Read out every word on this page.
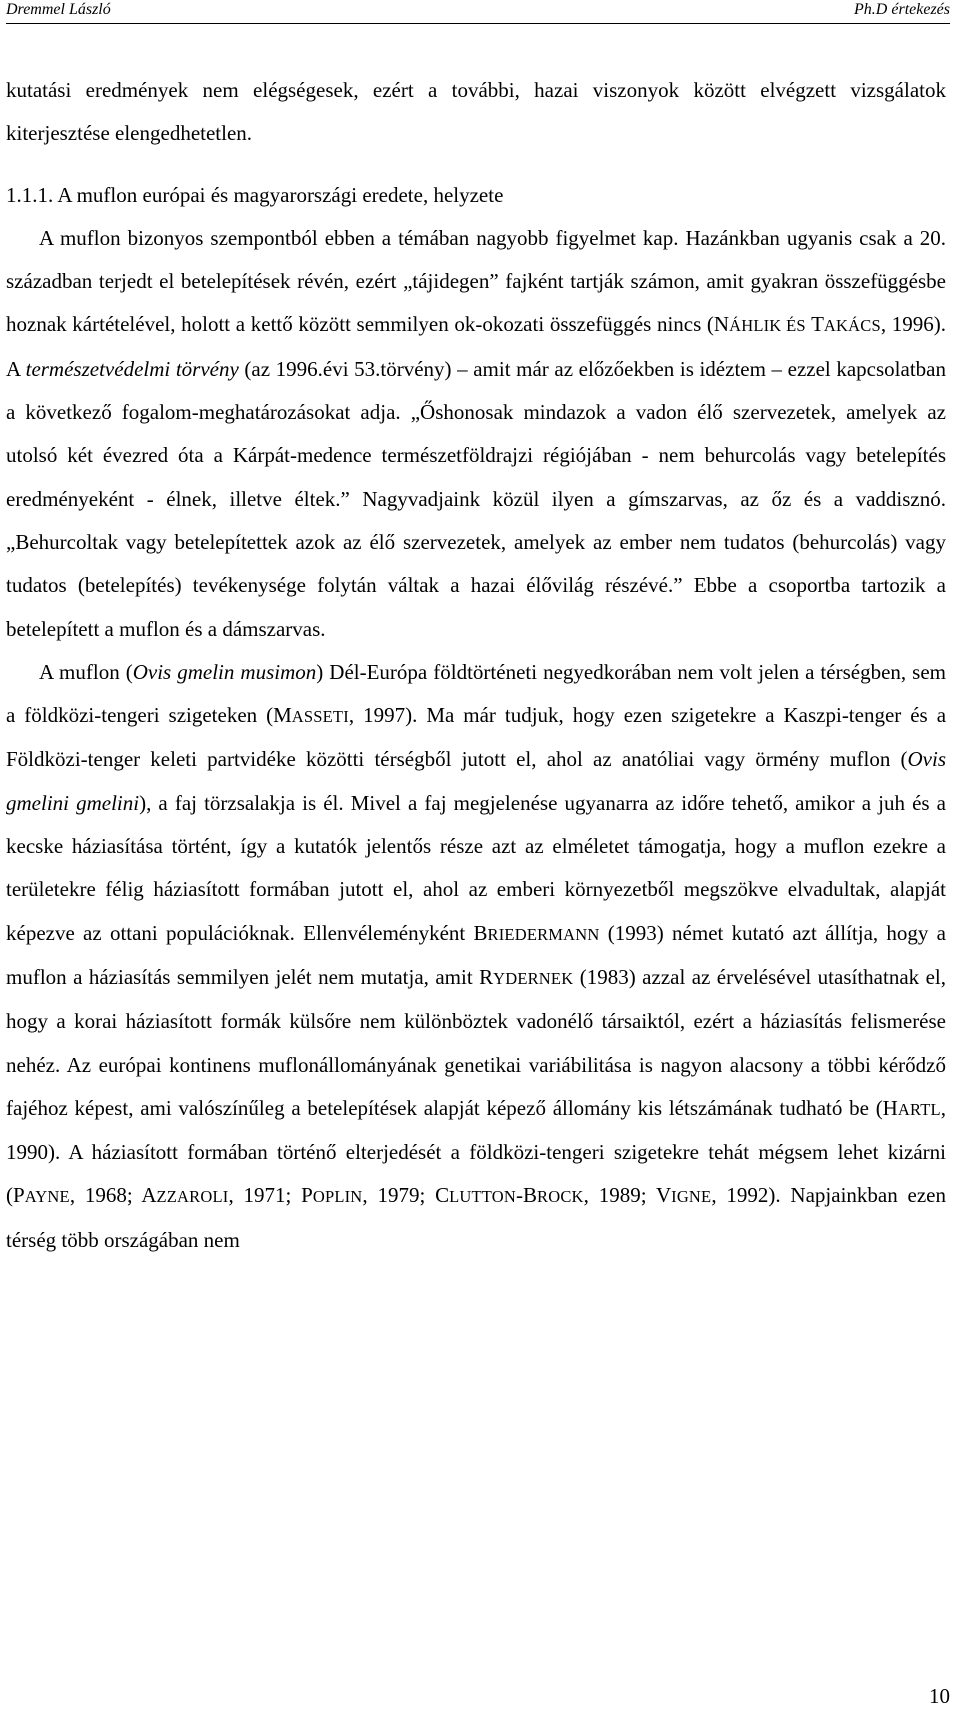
Dremmel László	Ph.D értekezés

kutatási eredmények nem elégségesek, ezért a további, hazai viszonyok között elvégzett vizsgálatok kiterjesztése elengedhetetlen.

1.1.1. A muflon európai és magyarországi eredete, helyzete

A muflon bizonyos szempontból ebben a témában nagyobb figyelmet kap. Hazánkban ugyanis csak a 20. században terjedt el betelepítések révén, ezért „tájidegen” fajként tartják számon, amit gyakran összefüggésbe hoznak kártételével, holott a kettő között semmilyen ok-okozati összefüggés nincs (NÁHLIK ÉS TAKÁCS, 1996). A természetvédelmi törvény (az 1996.évi 53.törvény) – amit már az előzőekben is idéztem – ezzel kapcsolatban a következő fogalom-meghatározásokat adja. „Őshonosak mindazok a vadon élő szervezetek, amelyek az utolsó két évezred óta a Kárpát-medence természetföldrajzi régiójában - nem behurcolás vagy betelepítés eredményeként - élnek, illetve éltek.” Nagyvadjaink közül ilyen a gímszarvas, az őz és a vaddisznó.„Behurcoltak vagy betelepítettek azok az élő szervezetek, amelyek az ember nem tudatos (behurcolás) vagy tudatos (betelepítés) tevékenysége folytán váltak a hazai élővilág részévé.” Ebbe a csoportba tartozik a betelepített a muflon és a dámszarvas.

A muflon (Ovis gmelin musimon) Dél-Európa földtörténeti negyedkorában nem volt jelen a térségben, sem a földközi-tengeri szigeteken (MASSETI, 1997). Ma már tudjuk, hogy ezen szigetekre a Kaszpi-tenger és a Földközi-tenger keleti partvidéke közötti térségből jutott el, ahol az anatóliai vagy örmény muflon (Ovis gmelini gmelini), a faj törzsalakja is él. Mivel a faj megjelenése ugyanarra az időre tehető, amikor a juh és a kecske háziasítása történt, így a kutatók jelentős része azt az elméletet támogatja, hogy a muflon ezekre a területekre félig háziasított formában jutott el, ahol az emberi környezetből megszökve elvadultak, alapját képezve az ottani populációknak. Ellenvéleményként BRIEDERMANN (1993) német kutató azt állítja, hogy a muflon a háziasítás semmilyen jelét nem mutatja, amit RYDERNEK (1983) azzal az érvelésével utasíthatnak el, hogy a korai háziasított formák külsőre nem különböztek vadonélő társaiktól, ezért a háziasítás felismerése nehéz. Az európai kontinens muflonállományának genetikai variábilitása is nagyon alacsony a többi kérődző fajéhoz képest, ami valószínűleg a betelepítések alapját képező állomány kis létszámának tudható be (HARTL, 1990). A háziasított formában történő elterjedését a földközi-tengeri szigetekre tehát mégsem lehet kizárni (PAYNE, 1968; AZZAROLI, 1971; POPLIN, 1979; CLUTTON-BROCK, 1989; VIGNE, 1992). Napjainkban ezen térség több országában nem

10
